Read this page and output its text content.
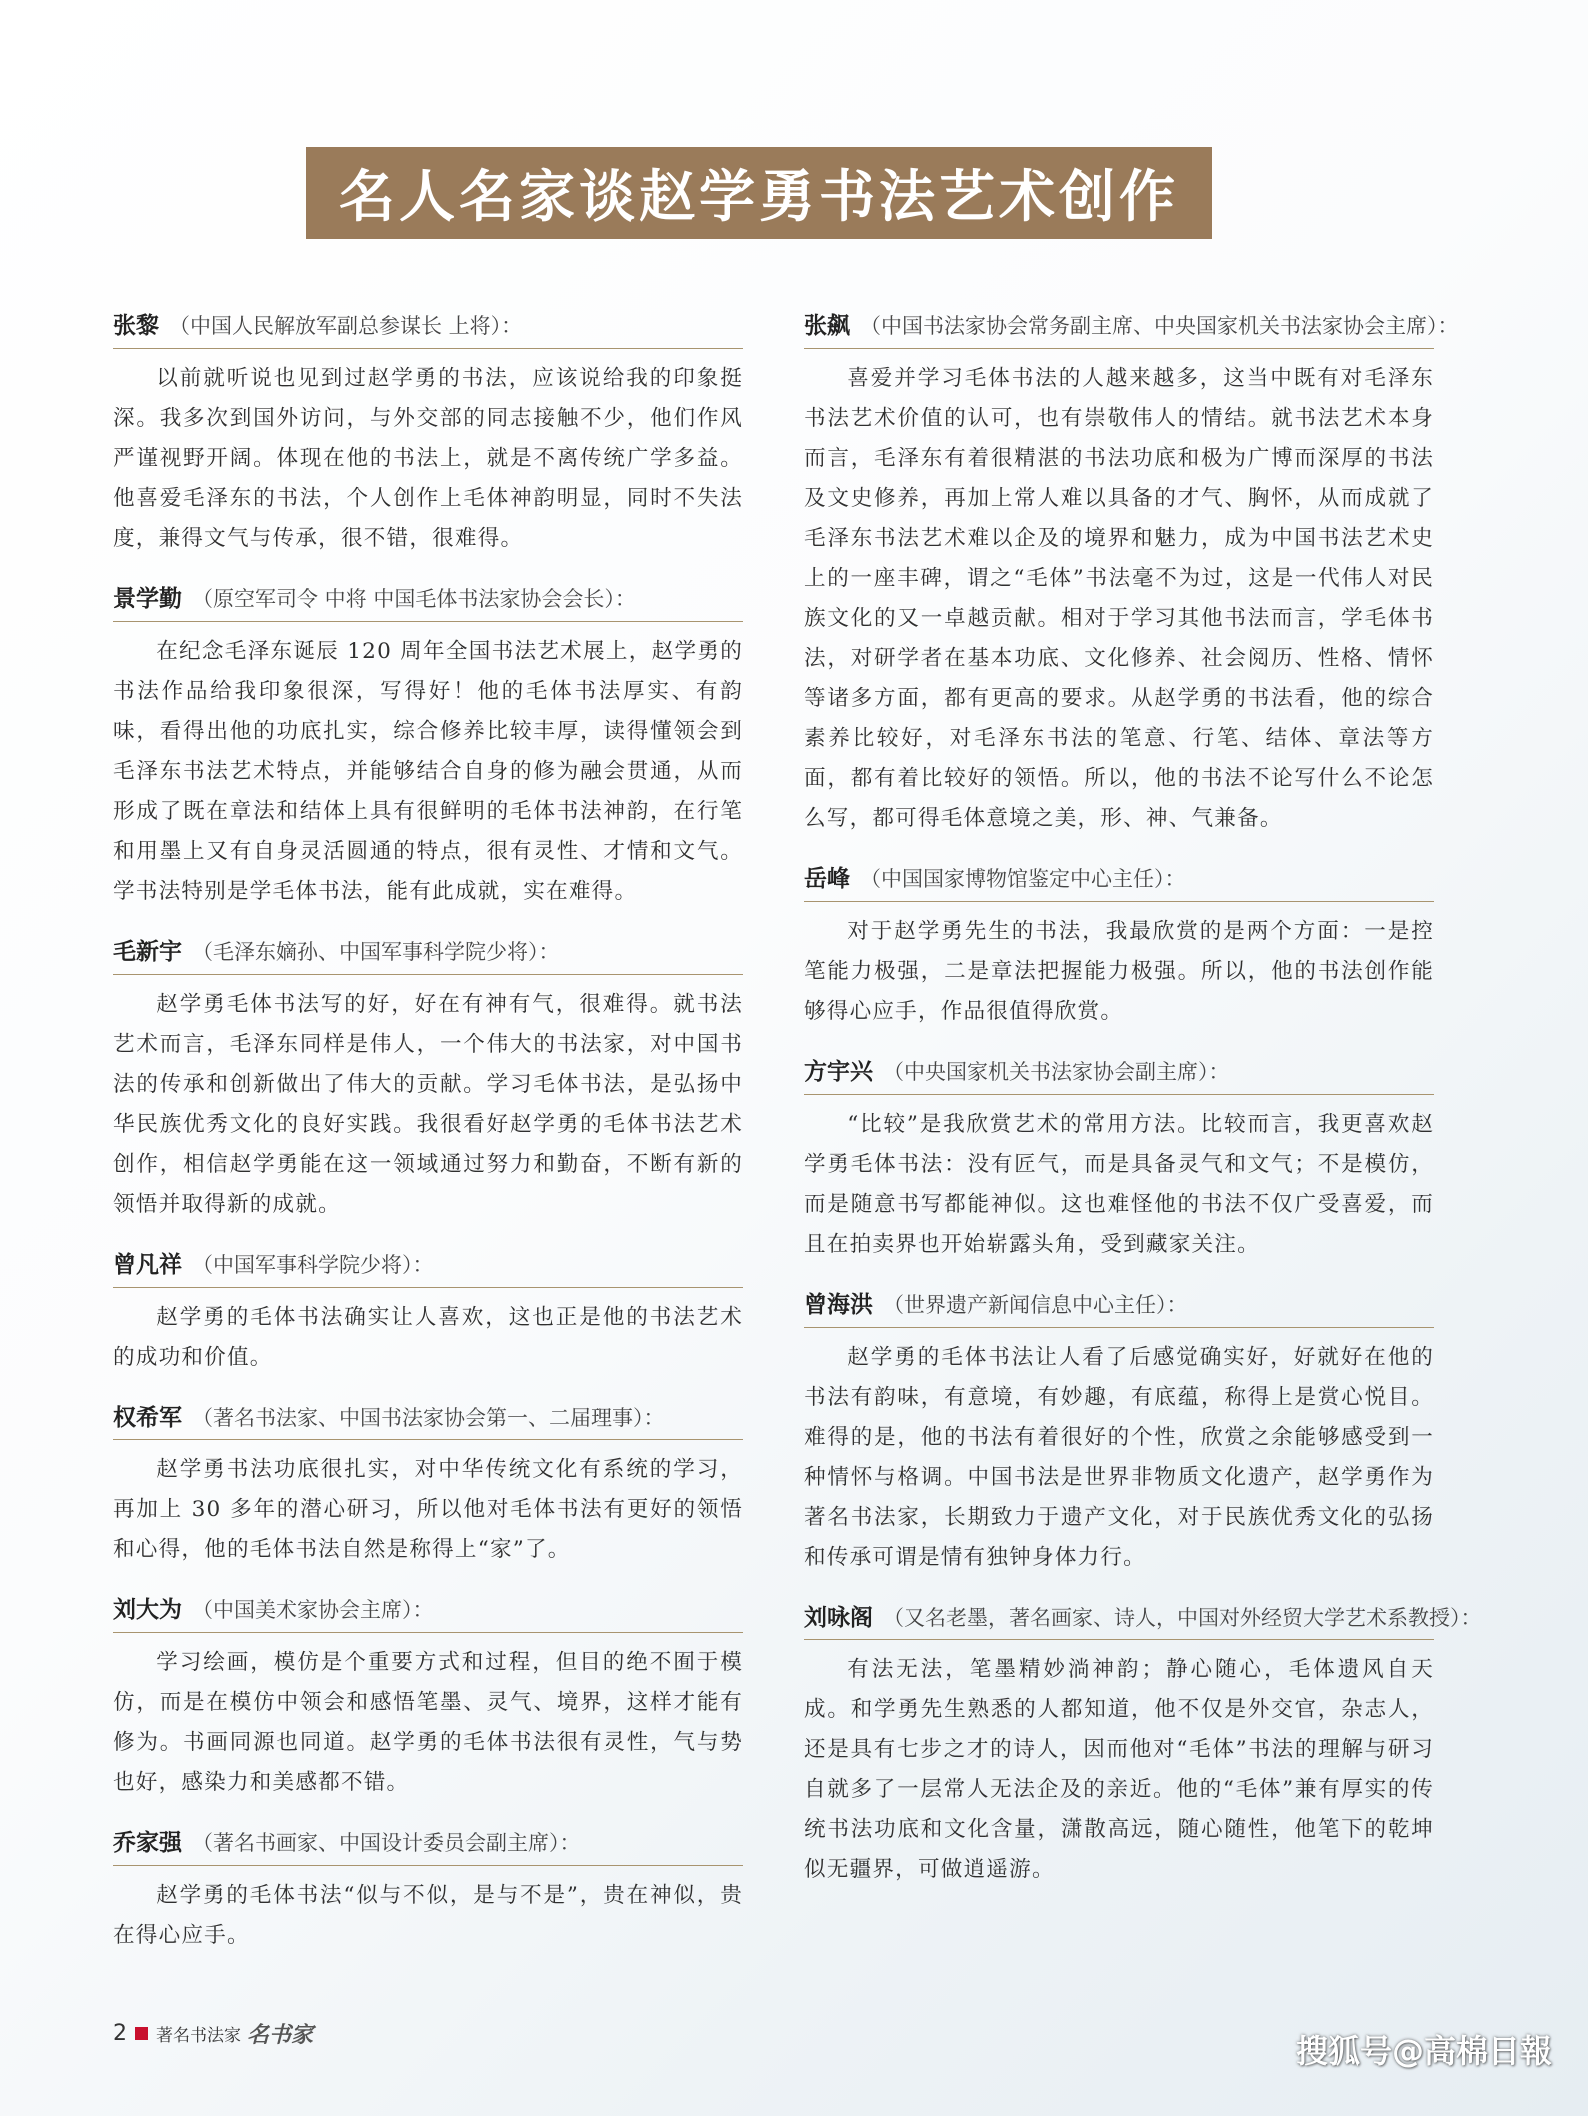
名人名家谈赵学勇书法艺术创作
张黎 （中国人民解放军副总参谋长 上将）：

以前就听说也见到过赵学勇的书法，应该说给我的印象挺深。我多次到国外访问，与外交部的同志接触不少，他们作风严谨视野开阔。体现在他的书法上，就是不离传统广学多益。他喜爱毛泽东的书法，个人创作上毛体神韵明显，同时不失法度，兼得文气与传承，很不错，很难得。

景学勤 （原空军司令 中将 中国毛体书法家协会会长）：

在纪念毛泽东诞辰 120 周年全国书法艺术展上，赵学勇的书法作品给我印象很深，写得好！他的毛体书法厚实、有韵味，看得出他的功底扎实，综合修养比较丰厚，读得懂领会到毛泽东书法艺术特点，并能够结合自身的修为融会贯通，从而形成了既在章法和结体上具有很鲜明的毛体书法神韵，在行笔和用墨上又有自身灵活圆通的特点，很有灵性、才情和文气。学书法特别是学毛体书法，能有此成就，实在难得。

毛新宇 （毛泽东嫡孙、中国军事科学院少将）：

赵学勇毛体书法写的好，好在有神有气，很难得。就书法艺术而言，毛泽东同样是伟人，一个伟大的书法家，对中国书法的传承和创新做出了伟大的贡献。学习毛体书法，是弘扬中华民族优秀文化的良好实践。我很看好赵学勇的毛体书法艺术创作，相信赵学勇能在这一领域通过努力和勤奋，不断有新的领悟并取得新的成就。

曾凡祥 （中国军事科学院少将）：

赵学勇的毛体书法确实让人喜欢，这也正是他的书法艺术的成功和价值。

权希军 （著名书法家、中国书法家协会第一、二届理事）：

赵学勇书法功底很扎实，对中华传统文化有系统的学习，再加上 30 多年的潜心研习，所以他对毛体书法有更好的领悟和心得，他的毛体书法自然是称得上“家”了。

刘大为 （中国美术家协会主席）：

学习绘画，模仿是个重要方式和过程，但目的绝不囿于模仿，而是在模仿中领会和感悟笔墨、灵气、境界，这样才能有修为。书画同源也同道。赵学勇的毛体书法很有灵性，气与势也好，感染力和美感都不错。

乔家强 （著名书画家、中国设计委员会副主席）：

赵学勇的毛体书法“似与不似，是与不是”，贵在神似，贵在得心应手。

张飙 （中国书法家协会常务副主席、中央国家机关书法家协会主席）：

喜爱并学习毛体书法的人越来越多，这当中既有对毛泽东书法艺术价值的认可，也有崇敬伟人的情结。就书法艺术本身而言，毛泽东有着很精湛的书法功底和极为广博而深厚的书法及文史修养，再加上常人难以具备的才气、胸怀，从而成就了毛泽东书法艺术难以企及的境界和魅力，成为中国书法艺术史上的一座丰碑，谓之“毛体”书法毫不为过，这是一代伟人对民族文化的又一卓越贡献。相对于学习其他书法而言，学毛体书法，对研学者在基本功底、文化修养、社会阅历、性格、情怀等诸多方面，都有更高的要求。从赵学勇的书法看，他的综合素养比较好，对毛泽东书法的笔意、行笔、结体、章法等方面，都有着比较好的领悟。所以，他的书法不论写什么不论怎么写，都可得毛体意境之美，形、神、气兼备。

岳峰 （中国国家博物馆鉴定中心主任）：

对于赵学勇先生的书法，我最欣赏的是两个方面：一是控笔能力极强，二是章法把握能力极强。所以，他的书法创作能够得心应手，作品很值得欣赏。

方宇兴 （中央国家机关书法家协会副主席）：

“比较”是我欣赏艺术的常用方法。比较而言，我更喜欢赵学勇毛体书法：没有匠气，而是具备灵气和文气；不是模仿，而是随意书写都能神似。这也难怪他的书法不仅广受喜爱，而且在拍卖界也开始崭露头角，受到藏家关注。

曾海洪 （世界遗产新闻信息中心主任）：

赵学勇的毛体书法让人看了后感觉确实好，好就好在他的书法有韵味，有意境，有妙趣，有底蕴，称得上是赏心悦目。难得的是，他的书法有着很好的个性，欣赏之余能够感受到一种情怀与格调。中国书法是世界非物质文化遗产，赵学勇作为著名书法家，长期致力于遗产文化，对于民族优秀文化的弘扬和传承可谓是情有独钟身体力行。

刘咏阁 （又名老墨，著名画家、诗人，中国对外经贸大学艺术系教授）：

有法无法，笔墨精妙淌神韵；静心随心，毛体遗风自天成。和学勇先生熟悉的人都知道，他不仅是外交官，杂志人，还是具有七步之才的诗人，因而他对“毛体”书法的理解与研习自就多了一层常人无法企及的亲近。他的“毛体”兼有厚实的传统书法功底和文化含量，潇散高远，随心随性，他笔下的乾坤似无疆界，可做逍遥游。

2 著名书法家 名书家	搜狐号@高棉日報
